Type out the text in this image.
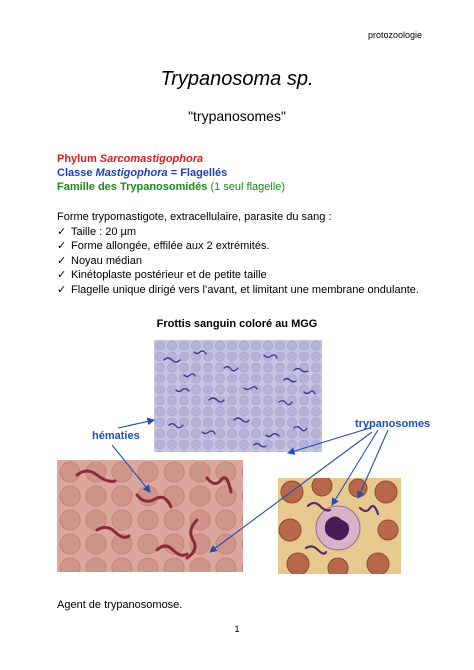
protozoologie
Trypanosoma sp.
"trypanosomes"
Phylum Sarcomastigophora
Classe Mastigophora = Flagellés
Famille des Trypanosomidés (1 seul flagelle)
Forme trypomastigote, extracellulaire, parasite du sang :
✓ Taille : 20 µm
✓ Forme allongée, effilée aux 2 extrémités.
✓ Noyau médian
✓ Kinétoplaste postérieur et de petite taille
✓ Flagelle unique dirigé vers l’avant, et limitant une membrane ondulante.
Frottis sanguin coloré au MGG
hématies
trypanosomes
Agent de trypanosomose.
1
